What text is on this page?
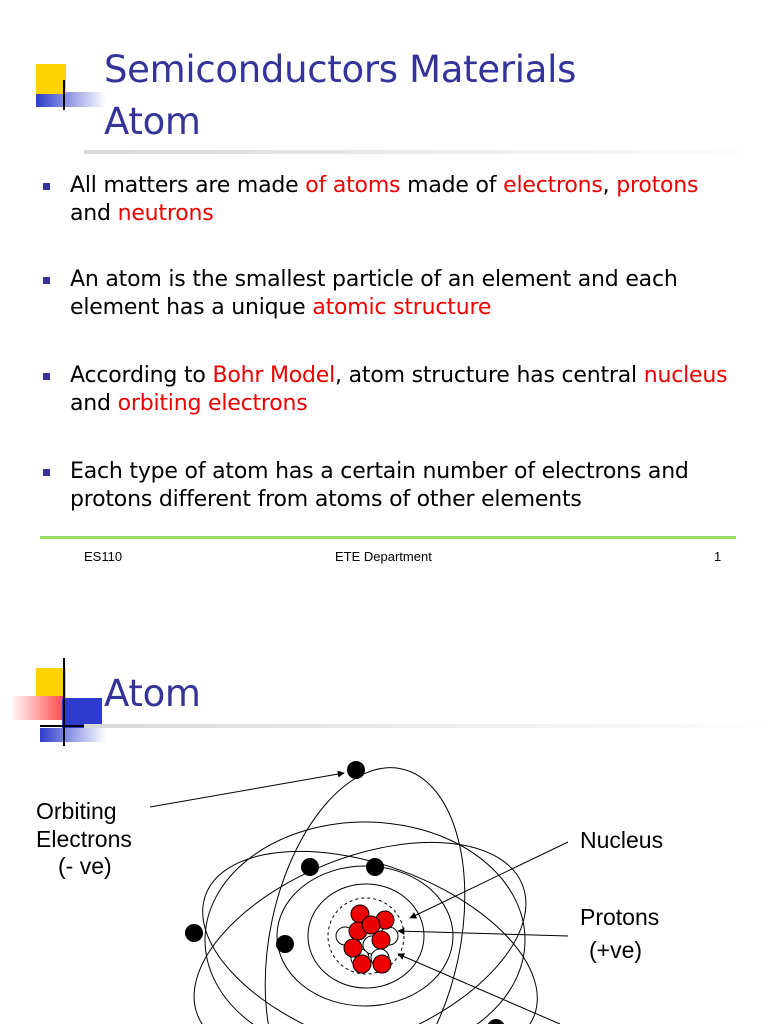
Semiconductors Materials
Atom
All matters are made of atoms made of electrons, protons and neutrons
An atom is the smallest particle of an element and each element has a unique atomic structure
According to Bohr Model, atom structure has central nucleus and orbiting electrons
Each type of atom has a certain number of electrons and protons different from atoms of other elements
ES110	ETE Department	1
Atom
Orbiting
Electrons
(- ve)
Nucleus
Protons
(+ve)
